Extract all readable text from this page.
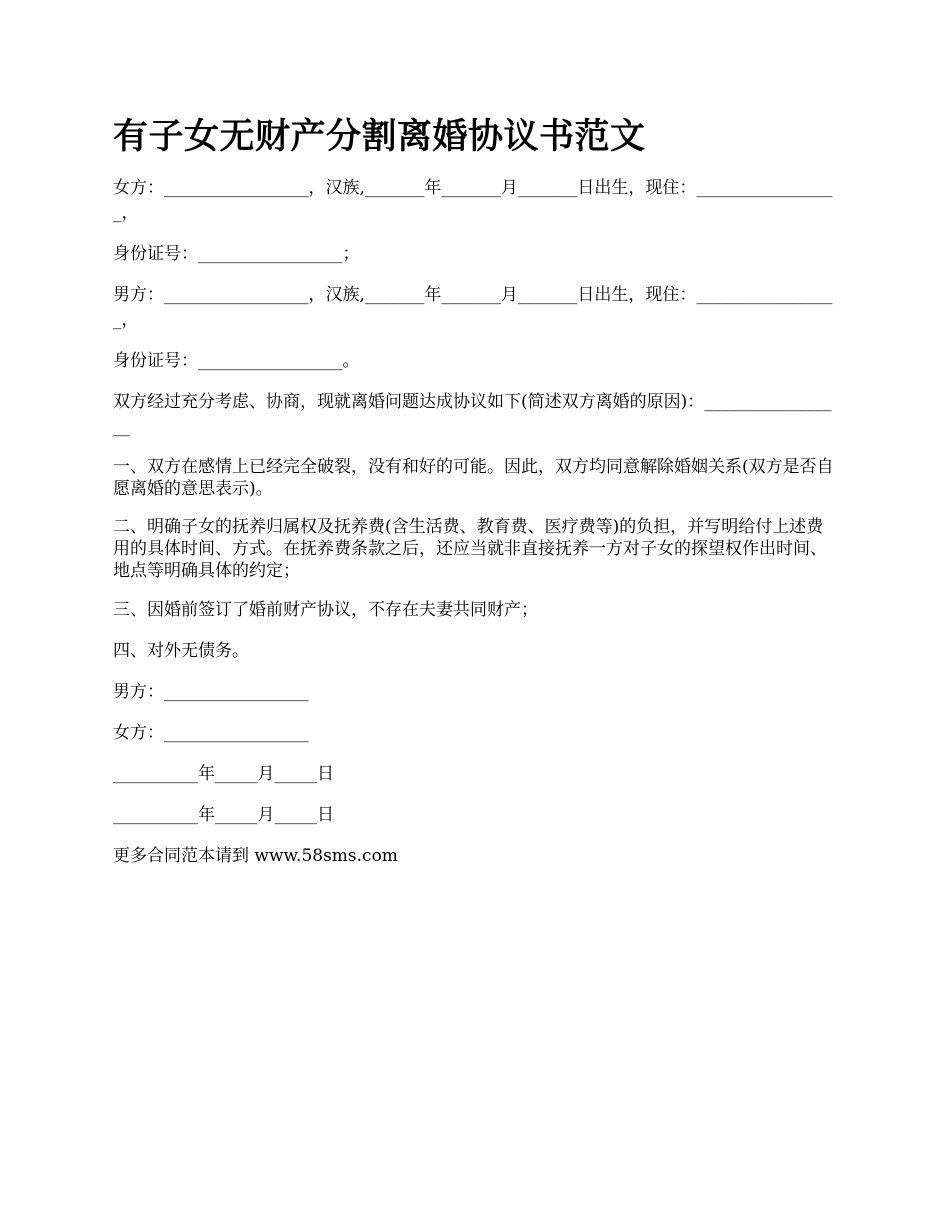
有子女无财产分割离婚协议书范文

女方：_________________，汉族,_______年_______月_______日出生，现住：_________________，

身份证号：_________________；

男方：_________________，汉族,_______年_______月_______日出生，现住：_________________，

身份证号：_________________。

双方经过充分考虑、协商，现就离婚问题达成协议如下(简述双方离婚的原因)：_________________

一、双方在感情上已经完全破裂，没有和好的可能。因此，双方均同意解除婚姻关系(双方是否自愿离婚的意思表示)。

二、明确子女的抚养归属权及抚养费(含生活费、教育费、医疗费等)的负担，并写明给付上述费用的具体时间、方式。在抚养费条款之后，还应当就非直接抚养一方对子女的探望权作出时间、地点等明确具体的约定；

三、因婚前签订了婚前财产协议，不存在夫妻共同财产；

四、对外无债务。

男方：_________________

女方：_________________

__________年_____月_____日

__________年_____月_____日

更多合同范本请到 www.58sms.com
